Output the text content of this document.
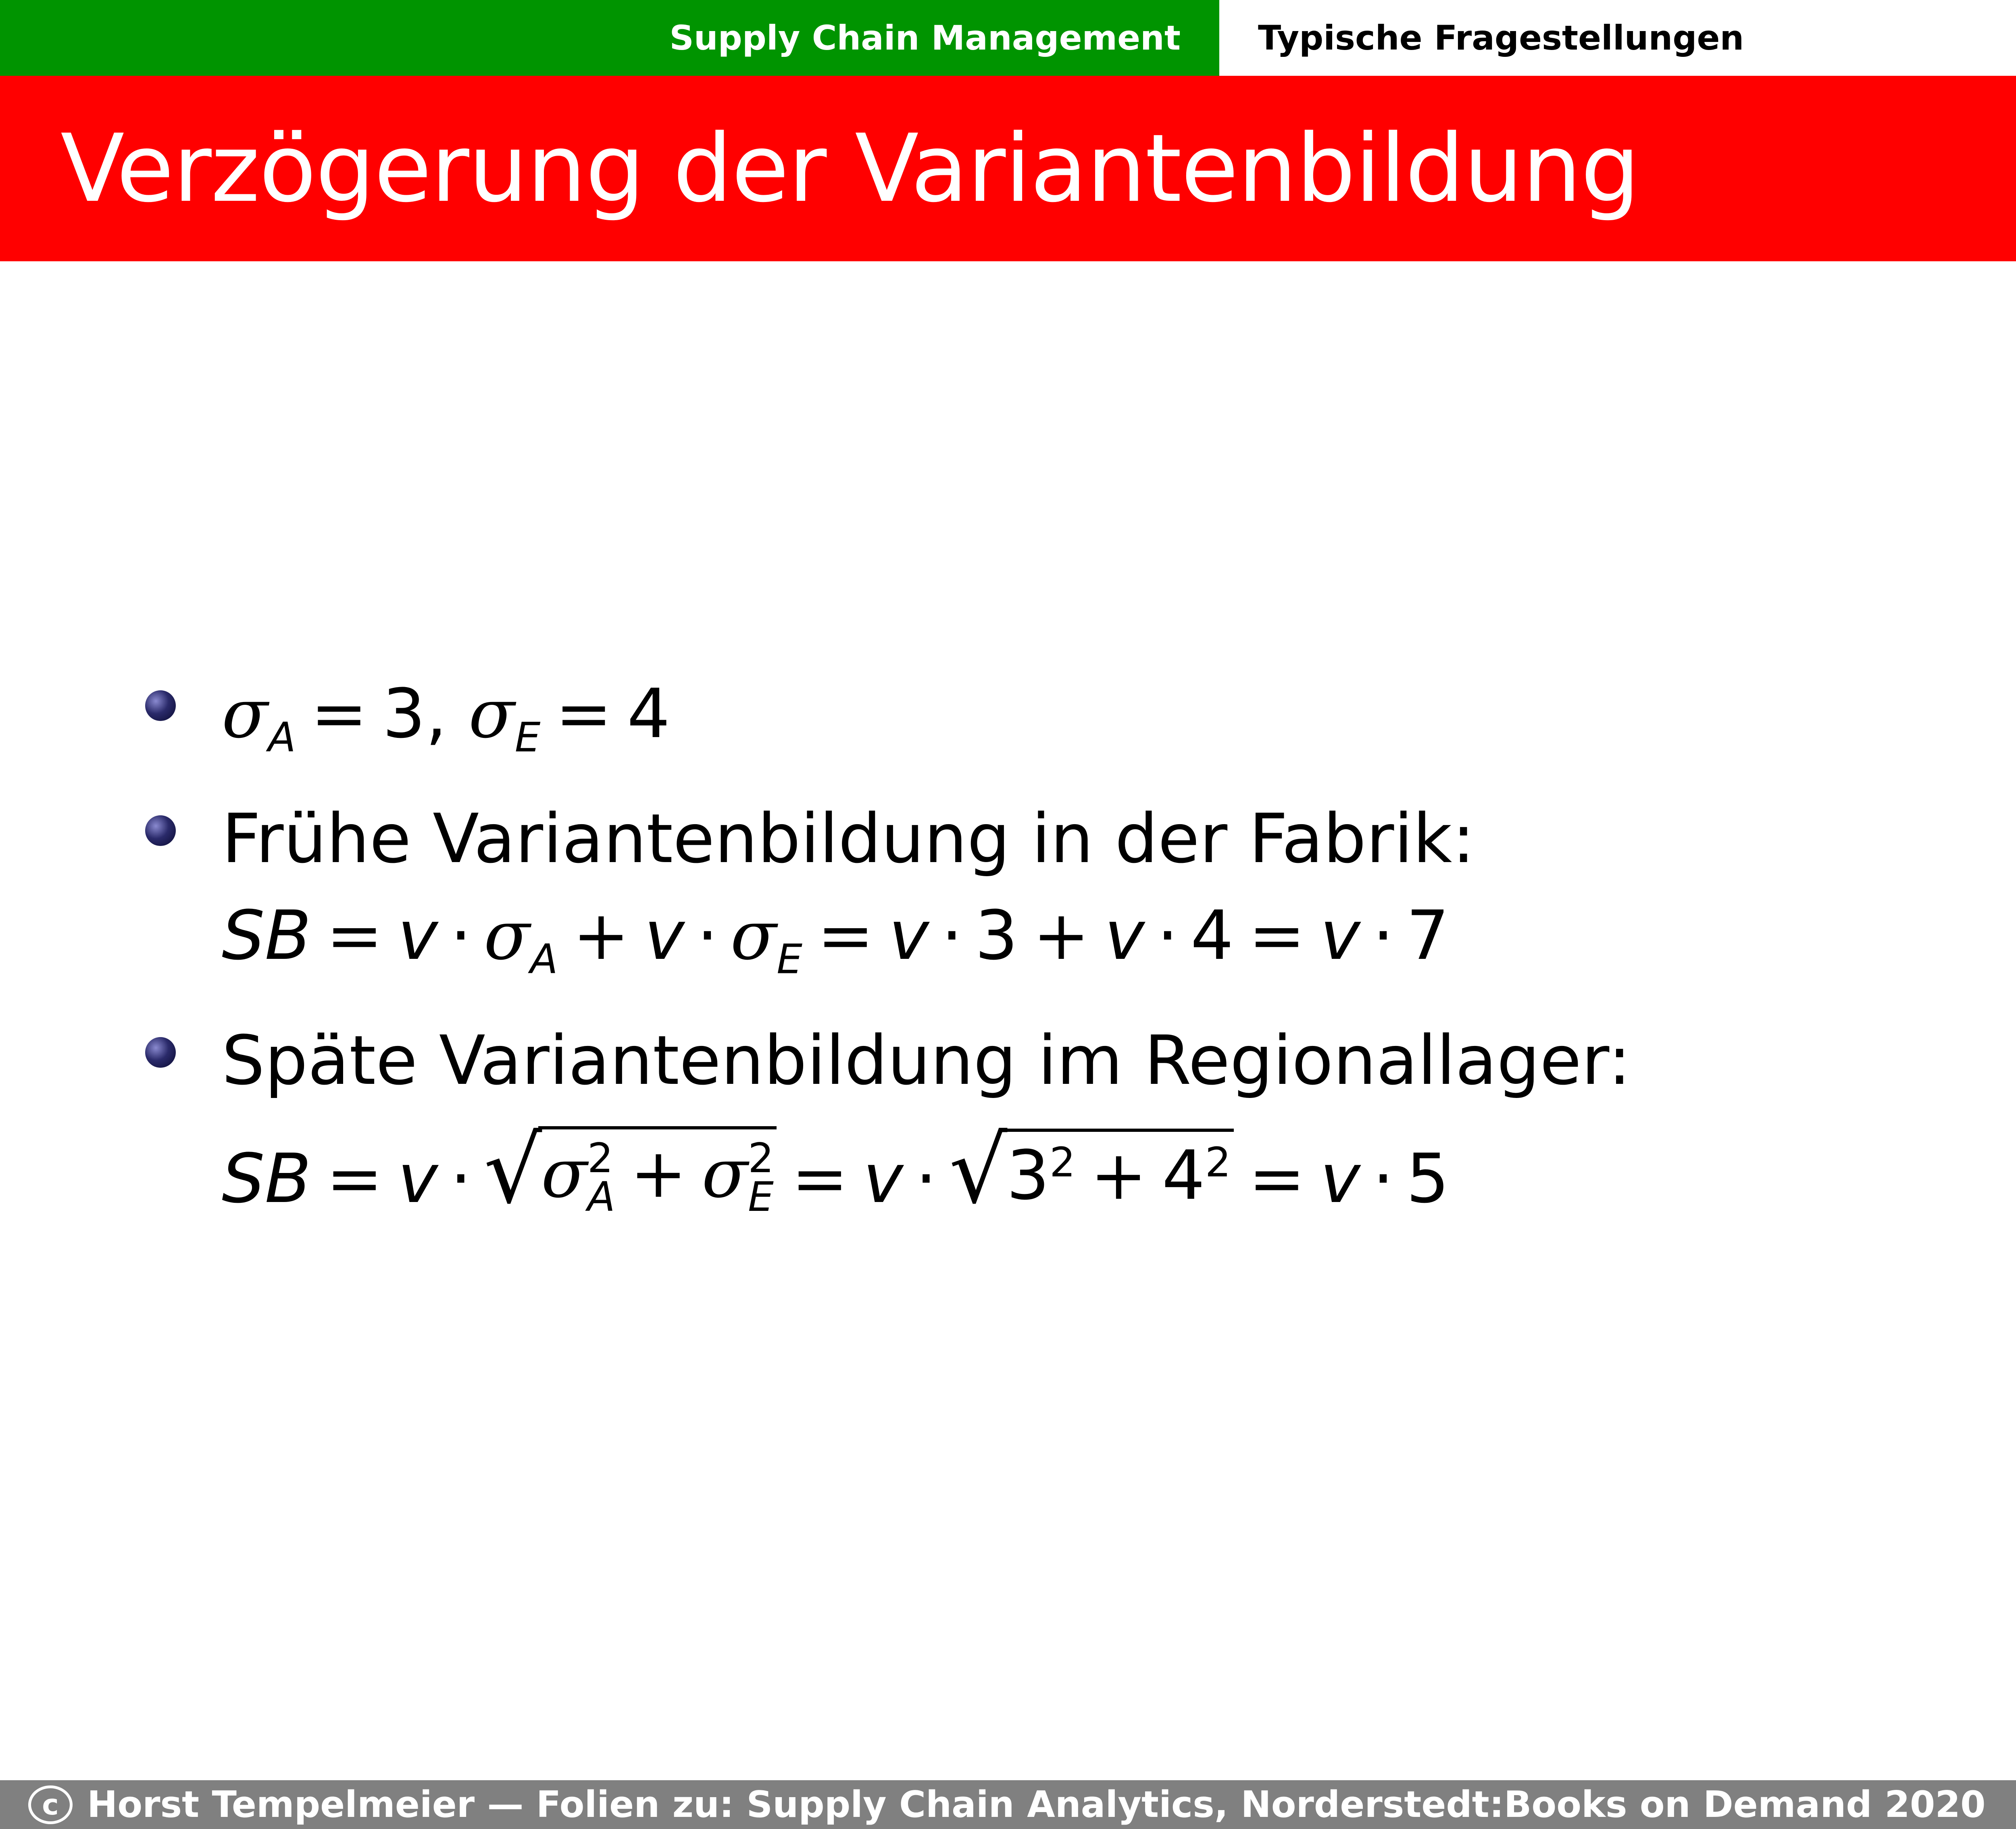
Supply Chain Management Typische Fragestellungen
Verzögerung der Variantenbildung
$\sigma_A = 3$, $\sigma_E = 4$
Frühe Variantenbildung in der Fabrik:
SB = $v \cdot \sigma_A + v \cdot \sigma_E = v \cdot 3 + v \cdot 4 = v \cdot 7$
Späte Variantenbildung im Regionallager:
SB = v · √
σ 2
A + σ 2
E = v · √
$3^2 + 4^2 = v \cdot 5$
c Horst Tempelmeier — Folien zu: Supply Chain Analytics, Norderstedt:Books on Demand 2020
